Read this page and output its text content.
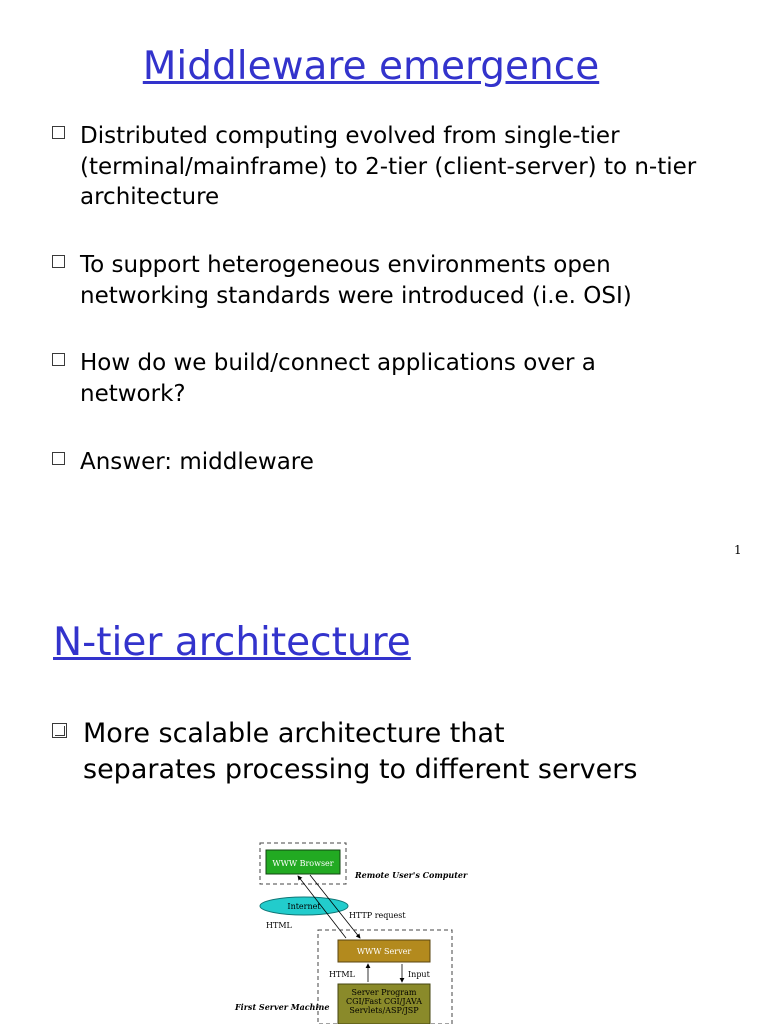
Middleware emergence
Distributed computing evolved from single-tier (terminal/mainframe) to 2-tier (client-server) to n-tier architecture
To support heterogeneous environments open networking standards were introduced (i.e. OSI)
How do we build/connect applications over a network?
Answer: middleware
1
N-tier architecture
More scalable architecture that separates processing to different servers
WWW Browser
Remote User's Computer
Internet
HTTP request
HTML
WWW Server
HTML	Input
Server Program
CGI/Fast CGI/JAVA
Servlets/ASP/JSP
First Server Machine
